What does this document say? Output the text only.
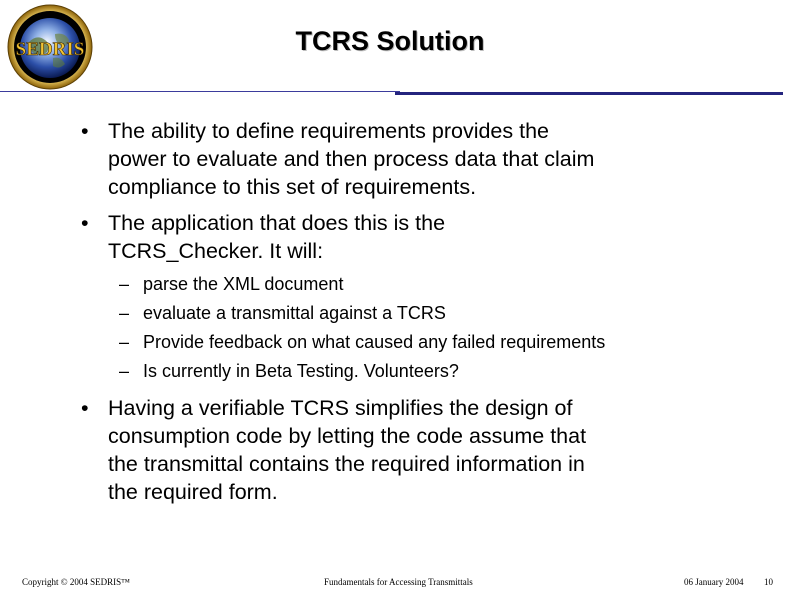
SEDRIS	TCRS Solution
• The ability to define requirements provides the
power to evaluate and then process data that claim
compliance to this set of requirements.
• The application that does this is the
TCRS_Checker. It will:
– parse the XML document
– evaluate a transmittal against a TCRS
– Provide feedback on what caused any failed requirements
– Is currently in Beta Testing. Volunteers?
• Having a verifiable TCRS simplifies the design of
consumption code by letting the code assume that
the transmittal contains the required information in
the required form.
Copyright © 2004 SEDRIS™	Fundamentals for Accessing Transmittals	06 January 2004 10
